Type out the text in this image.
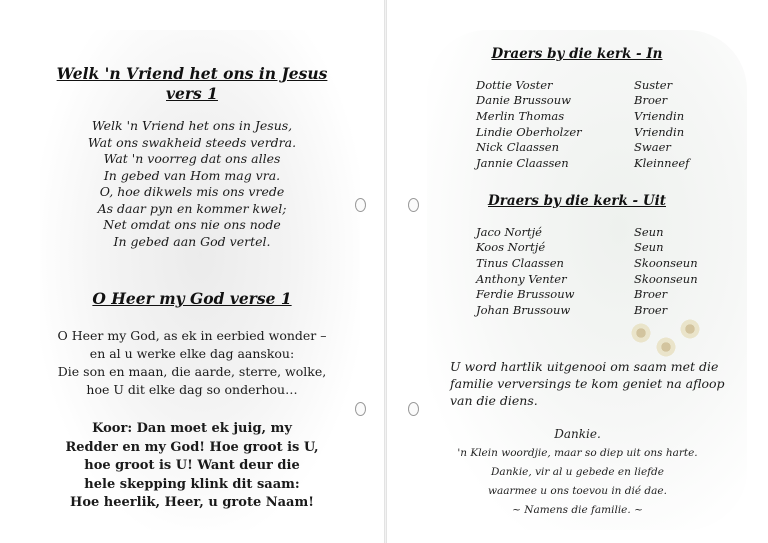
Welk 'n Vriend het ons in Jesus
vers 1
Welk 'n Vriend het ons in Jesus,
Wat ons swakheid steeds verdra.
Wat 'n voorreg dat ons alles
In gebed van Hom mag vra.
O, hoe dikwels mis ons vrede
As daar pyn en kommer kwel;
Net omdat ons nie ons node
In gebed aan God vertel.
O Heer my God verse 1
O Heer my God, as ek in eerbied wonder –
en al u werke elke dag aanskou:
Die son en maan, die aarde, sterre, wolke,
hoe U dit elke dag so onderhou…
Koor: Dan moet ek juig, my
Redder en my God! Hoe groot is U,
hoe groot is U! Want deur die
hele skepping klink dit saam:
Hoe heerlik, Heer, u grote Naam!
Draers by die kerk - In
Dottie Voster	Suster
Danie Brussouw	Broer
Merlin Thomas	Vriendin
Lindie Oberholzer	Vriendin
Nick Claassen	Swaer
Jannie Claassen	Kleinneef
Draers by die kerk - Uit
Jaco Nortjé	Seun
Koos Nortjé	Seun
Tinus Claassen	Skoonseun
Anthony Venter	Skoonseun
Ferdie Brussouw	Broer
Johan Brussouw	Broer
U word hartlik uitgenooi om saam met die
familie verversings te kom geniet na afloop
van die diens.
Dankie.
'n Klein woordjie, maar so diep uit ons harte.
Dankie, vir al u gebede en liefde
waarmee u ons toevou in dié dae.
~ Namens die familie. ~
